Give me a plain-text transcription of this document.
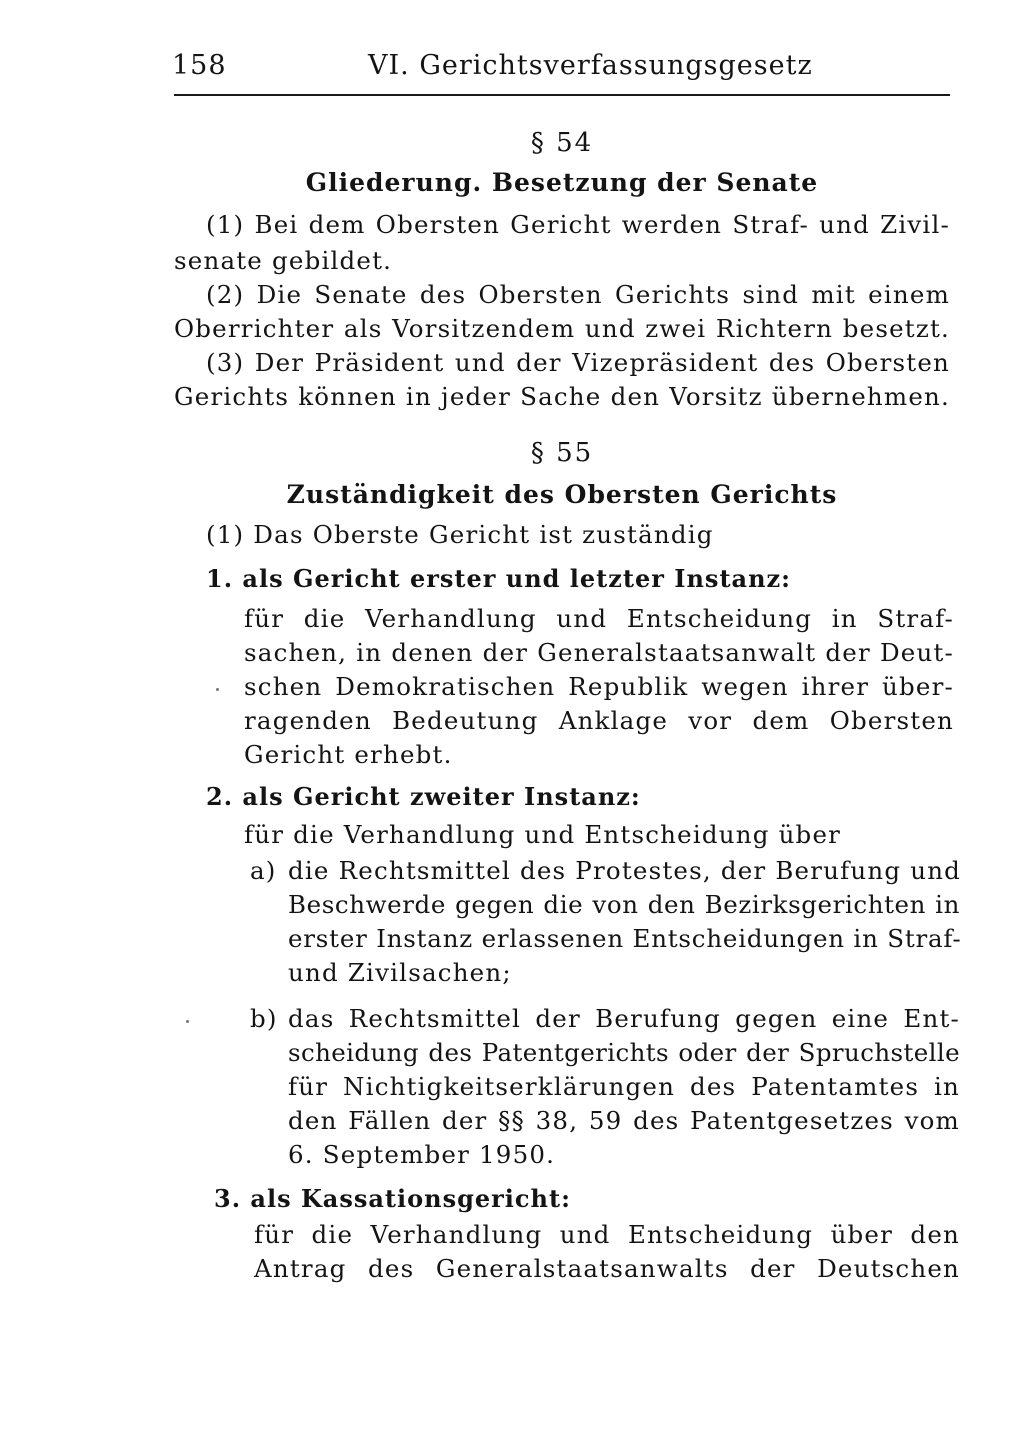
158	VI. Gerichtsverfassungsgesetz
§ 54
Gliederung. Besetzung der Senate
(1) Bei dem Obersten Gericht werden Straf- und Zivil-
senate gebildet.
(2) Die Senate des Obersten Gerichts sind mit einem
Oberrichter als Vorsitzendem und zwei Richtern besetzt.
(3) Der Präsident und der Vizepräsident des Obersten
Gerichts können in jeder Sache den Vorsitz übernehmen.
§ 55
Zuständigkeit des Obersten Gerichts
(1) Das Oberste Gericht ist zuständig
1. als Gericht erster und letzter Instanz:
für die Verhandlung und Entscheidung in Straf-
sachen, in denen der Generalstaatsanwalt der Deut-
schen Demokratischen Republik wegen ihrer über-
ragenden Bedeutung Anklage vor dem Obersten
Gericht erhebt.
2. als Gericht zweiter Instanz:
für die Verhandlung und Entscheidung über
a) die Rechtsmittel des Protestes, der Berufung und
Beschwerde gegen die von den Bezirksgerichten in
erster Instanz erlassenen Entscheidungen in Straf-
und Zivilsachen;
b) das Rechtsmittel der Berufung gegen eine Ent-
scheidung des Patentgerichts oder der Spruchstelle
für Nichtigkeitserklärungen des Patentamtes in
den Fällen der §§ 38, 59 des Patentgesetzes vom
6. September 1950.
3. als Kassationsgericht:
für die Verhandlung und Entscheidung über den
Antrag des Generalstaatsanwalts der Deutschen
